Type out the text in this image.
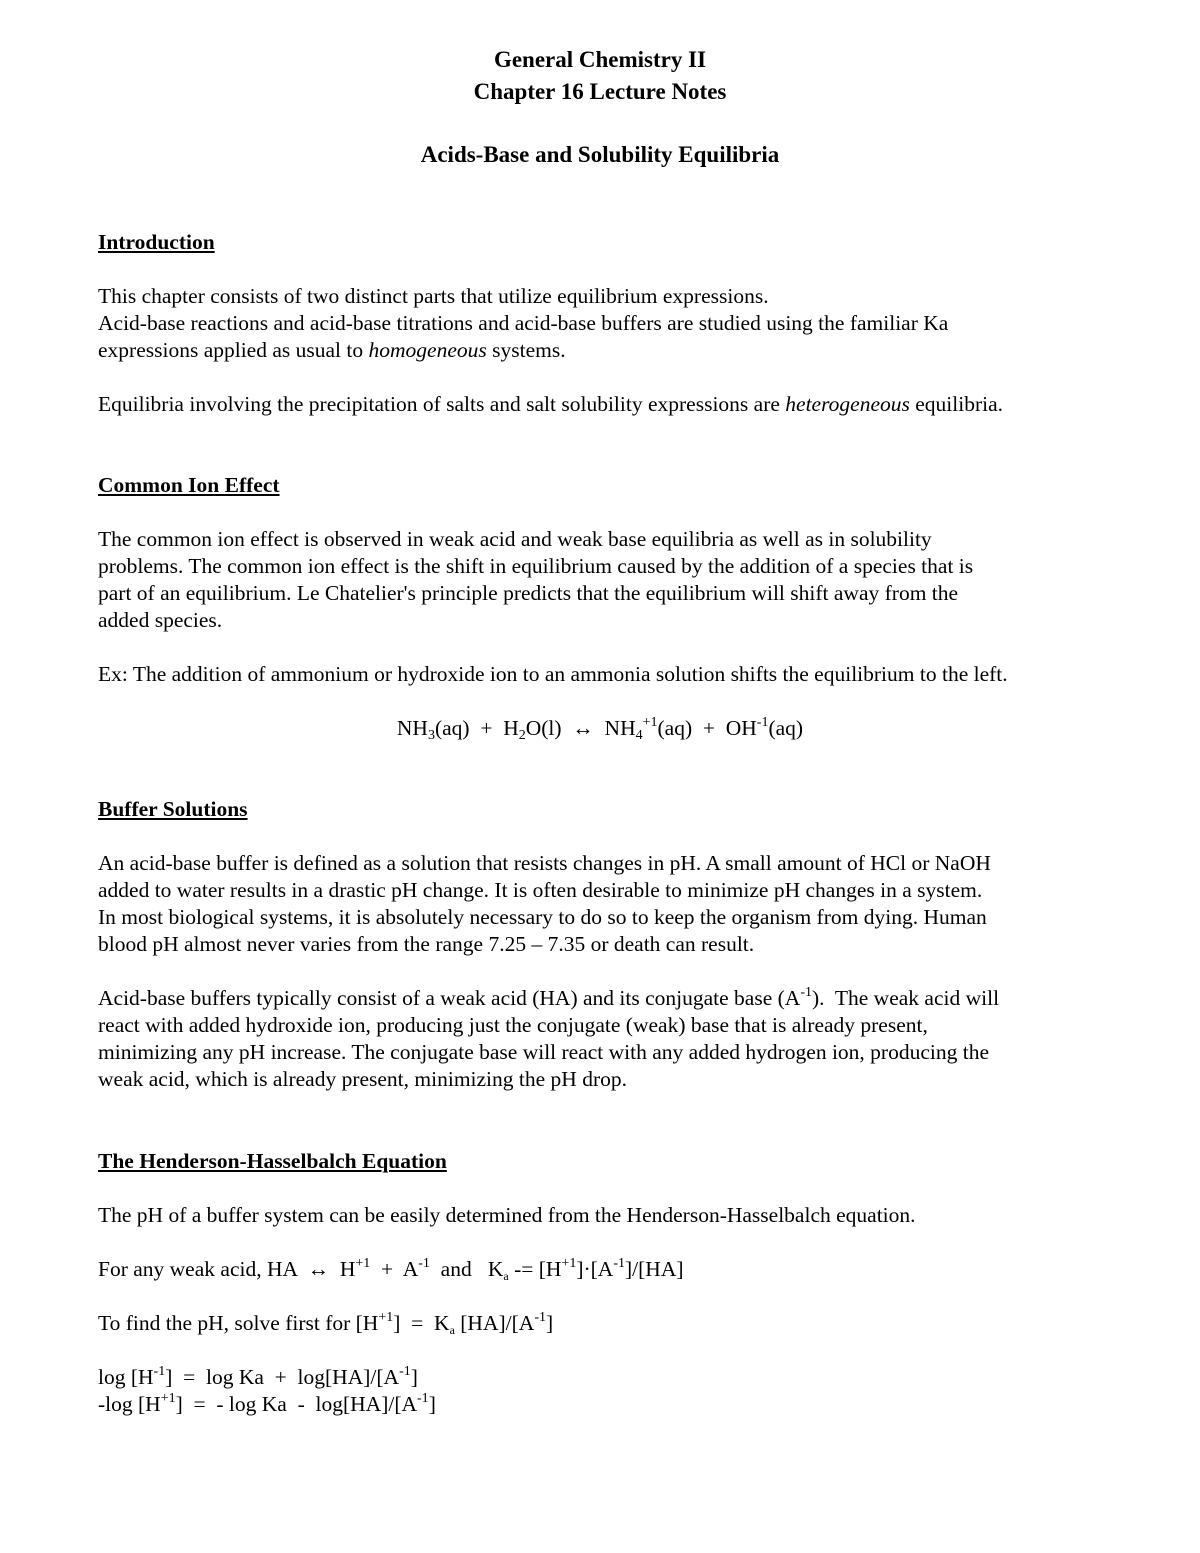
General Chemistry II
Chapter 16 Lecture Notes
Acids-Base and Solubility Equilibria
Introduction
This chapter consists of two distinct parts that utilize equilibrium expressions.
Acid-base reactions and acid-base titrations and acid-base buffers are studied using the familiar Ka
expressions applied as usual to homogeneous systems.
Equilibria involving the precipitation of salts and salt solubility expressions are heterogeneous equilibria.
Common Ion Effect
The common ion effect is observed in weak acid and weak base equilibria as well as in solubility
problems. The common ion effect is the shift in equilibrium caused by the addition of a species that is
part of an equilibrium. Le Chatelier's principle predicts that the equilibrium will shift away from the
added species.
Ex: The addition of ammonium or hydroxide ion to an ammonia solution shifts the equilibrium to the left.
$NH_3(aq) + H_2O(l)$  ↔  $NH_4^{+1}(aq) + OH^{-1}(aq)$
Buffer Solutions
An acid-base buffer is defined as a solution that resists changes in pH. A small amount of HCl or NaOH
added to water results in a drastic pH change. It is often desirable to minimize pH changes in a system.
In most biological systems, it is absolutely necessary to do so to keep the organism from dying. Human
blood pH almost never varies from the range 7.25 – 7.35 or death can result.
Acid-base buffers typically consist of a weak acid (HA) and its conjugate base $(A^{-1})$.  The weak acid will
react with added hydroxide ion, producing just the conjugate (weak) base that is already present,
minimizing any pH increase. The conjugate base will react with any added hydrogen ion, producing the
weak acid, which is already present, minimizing the pH drop.
The Henderson-Hasselbalch Equation
The pH of a buffer system can be easily determined from the Henderson-Hasselbalch equation.
For any weak acid, HA  ↔  $H^{+1} + A^{-1}$  and   $K_a -= [H^{+1}]\cdot[A^{-1}]/[HA]$
To find the pH, solve first for $[H^{+1}] = K_a$ $[HA]/[A^{-1}]$
$\log [H^{-1}] = \log Ka + \log[HA]/[A^{-1}]$
-log $[H^{+1}]$  =  - log Ka  -  $\log[HA]/[A^{-1}]$
